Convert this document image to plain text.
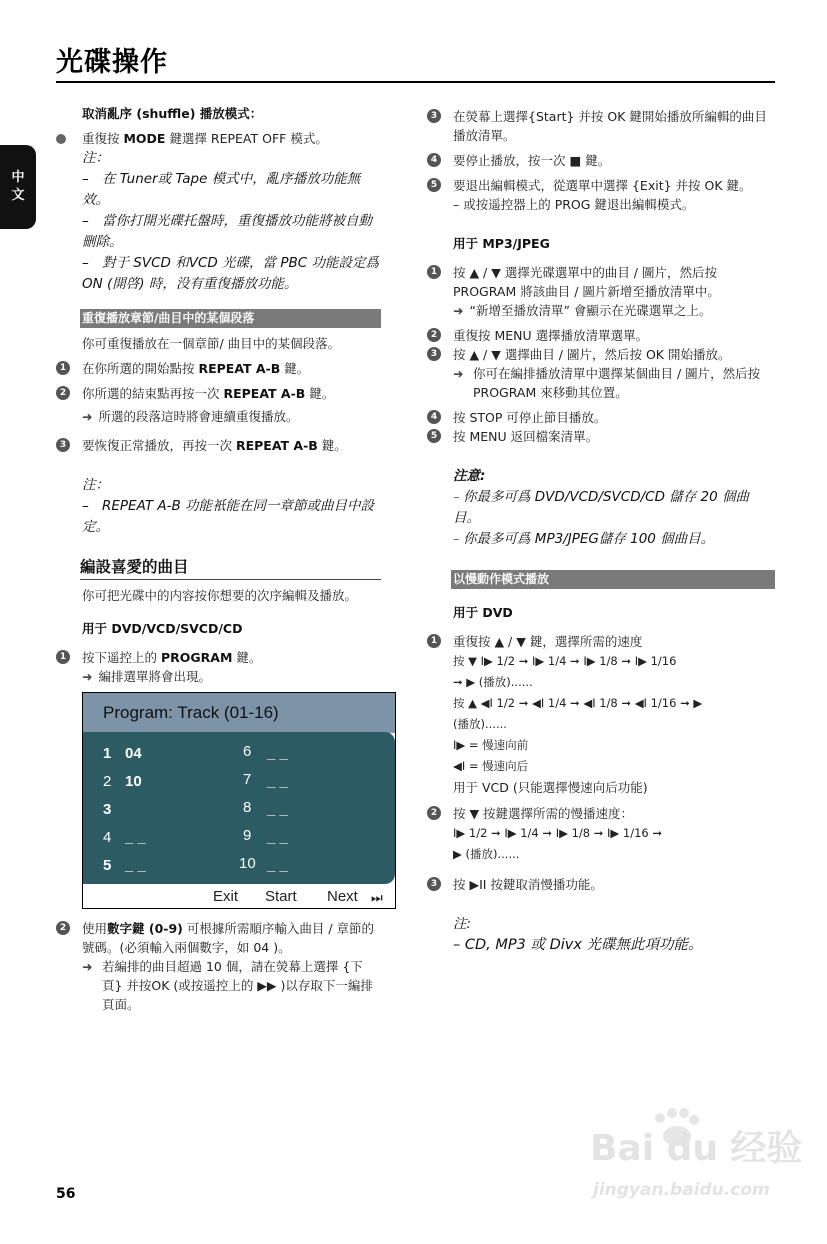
光碟操作
中
文
取消亂序 (shuffle) 播放模式：
重復按 MODE 鍵選擇 REPEAT OFF 模式。
注：
– 在 Tuner或 Tape 模式中，亂序播放功能無效。
– 當你打開光碟托盤時，重復播放功能將被自動刪除。
– 對于 SVCD 和VCD 光碟，當 PBC 功能設定爲 ON (開啓) 時，没有重復播放功能。
重復播放章節/曲目中的某個段落
你可重復播放在一個章節/ 曲目中的某個段落。
1	在你所選的開始點按 REPEAT A-B 鍵。
2	你所選的結束點再按一次 REPEAT A-B 鍵。
➜ 所選的段落這時將會連續重復播放。
3	要恢復正常播放，再按一次 REPEAT A-B 鍵。
注：
– REPEAT A-B 功能衹能在同一章節或曲目中設定。
編設喜愛的曲目
你可把光碟中的内容按你想要的次序編輯及播放。
用于 DVD/VCD/SVCD/CD
1	按下遥控上的 PROGRAM 鍵。
➜ 編排選單將會出現。
Program: Track (01-16)
1 04
2 10
3
4 _ _
5 _ _
6 _ _
7 _ _
8 _ _
9 _ _
10 _ _
Exit Start Next ⏭
2	使用數字鍵 (0-9) 可根據所需順序輸入曲目 / 章節的號碼。(必須輸入兩個數字，如 04 )。
➜ 若編排的曲目超過 10 個，請在熒幕上選擇 {下頁} 并按OK (或按遥控上的 ▶▶ )以存取下一編排頁面。
3	在熒幕上選擇{Start} 并按 OK 鍵開始播放所編輯的曲目播放清單。
4	要停止播放，按一次 ■ 鍵。
5	要退出編輯模式，從選單中選擇 {Exit} 并按 OK 鍵。
– 或按遥控器上的 PROG 鍵退出編輯模式。
用于 MP3/JPEG
1	按 ▲ / ▼ 選擇光碟選單中的曲目 / 圖片，然后按 PROGRAM 將該曲目 / 圖片新增至播放清單中。
➜ “新增至播放清單” 會顯示在光碟選單之上。
2	重復按 MENU 選擇播放清單選單。
3	按 ▲ / ▼ 選擇曲目 / 圖片，然后按 OK 開始播放。
➜ 你可在編排播放清單中選擇某個曲目 / 圖片，然后按 PROGRAM 來移動其位置。
4	按 STOP 可停止節目播放。
5	按 MENU 返回檔案清單。
注意:
– 你最多可爲 DVD/VCD/SVCD/CD 儲存 20 個曲目。
– 你最多可爲 MP3/JPEG儲存 100 個曲目。
以慢動作模式播放
用于 DVD
1	重復按 ▲ / ▼ 鍵，選擇所需的速度
按 ▼ I▶ 1/2 ➞ I▶ 1/4 ➞ I▶ 1/8 ➞ I▶ 1/16
➞ ▶ (播放)......
按 ▲ ◀I 1/2 ➞ ◀I 1/4 ➞ ◀I 1/8 ➞ ◀I 1/16 ➞ ▶
(播放)......
I▶ = 慢速向前
◀I = 慢速向后
用于 VCD (只能選擇慢速向后功能)
2	按 ▼ 按鍵選擇所需的慢播速度：
I▶ 1/2 ➞ I▶ 1/4 ➞ I▶ 1/8 ➞ I▶ 1/16 ➞
▶ (播放)......
3	按 ▶II 按鍵取消慢播功能。
注:
– CD, MP3 或 Divx 光碟無此項功能。
56
Bai du 经验
jingyan.baidu.com
